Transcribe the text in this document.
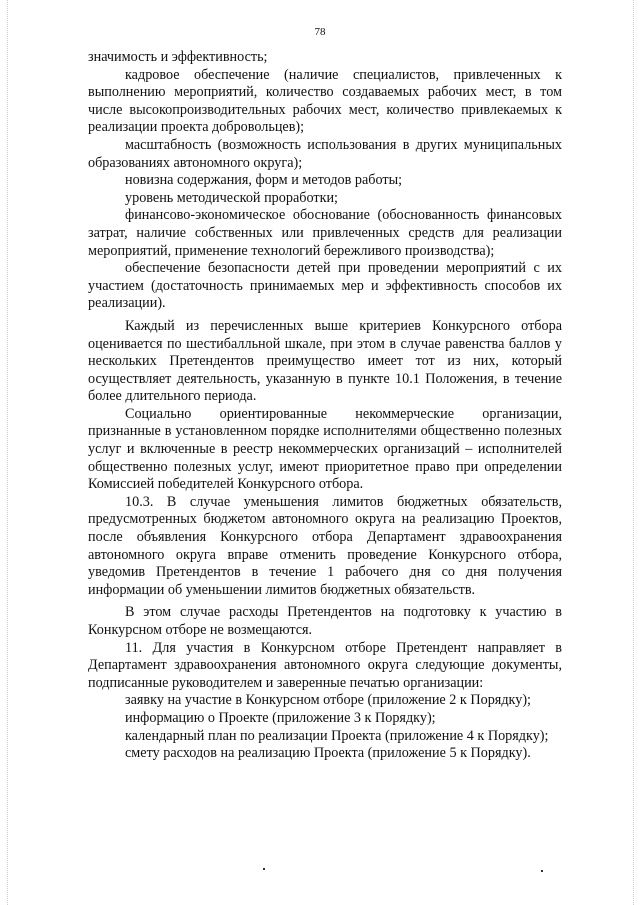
78

значимость и эффективность;

кадровое обеспечение (наличие специалистов, привлеченных к выполнению мероприятий, количество создаваемых рабочих мест, в том числе высокопроизводительных рабочих мест, количество привлекаемых к реализации проекта добровольцев);

масштабность (возможность использования в других муниципальных образованиях автономного округа);

новизна содержания, форм и методов работы;

уровень методической проработки;

финансово-экономическое обоснование (обоснованность финансовых затрат, наличие собственных или привлеченных средств для реализации мероприятий, применение технологий бережливого производства);

обеспечение безопасности детей при проведении мероприятий с их участием (достаточность принимаемых мер и эффективность способов их реализации).

Каждый из перечисленных выше критериев Конкурсного отбора оценивается по шестибалльной шкале, при этом в случае равенства баллов у нескольких Претендентов преимущество имеет тот из них, который осуществляет деятельность, указанную в пункте 10.1 Положения, в течение более длительного периода.

Социально ориентированные некоммерческие организации, признанные в установленном порядке исполнителями общественно полезных услуг и включенные в реестр некоммерческих организаций – исполнителей общественно полезных услуг, имеют приоритетное право при определении Комиссией победителей Конкурсного отбора.

10.3. В случае уменьшения лимитов бюджетных обязательств, предусмотренных бюджетом автономного округа на реализацию Проектов, после объявления Конкурсного отбора Департамент здравоохранения автономного округа вправе отменить проведение Конкурсного отбора, уведомив Претендентов в течение 1 рабочего дня со дня получения информации об уменьшении лимитов бюджетных обязательств.

В этом случае расходы Претендентов на подготовку к участию в Конкурсном отборе не возмещаются.

11. Для участия в Конкурсном отборе Претендент направляет в Департамент здравоохранения автономного округа следующие документы, подписанные руководителем и заверенные печатью организации:

заявку на участие в Конкурсном отборе (приложение 2 к Порядку);

информацию о Проекте (приложение 3 к Порядку);

календарный план по реализации Проекта (приложение 4 к Порядку);

смету расходов на реализацию Проекта (приложение 5 к Порядку).
